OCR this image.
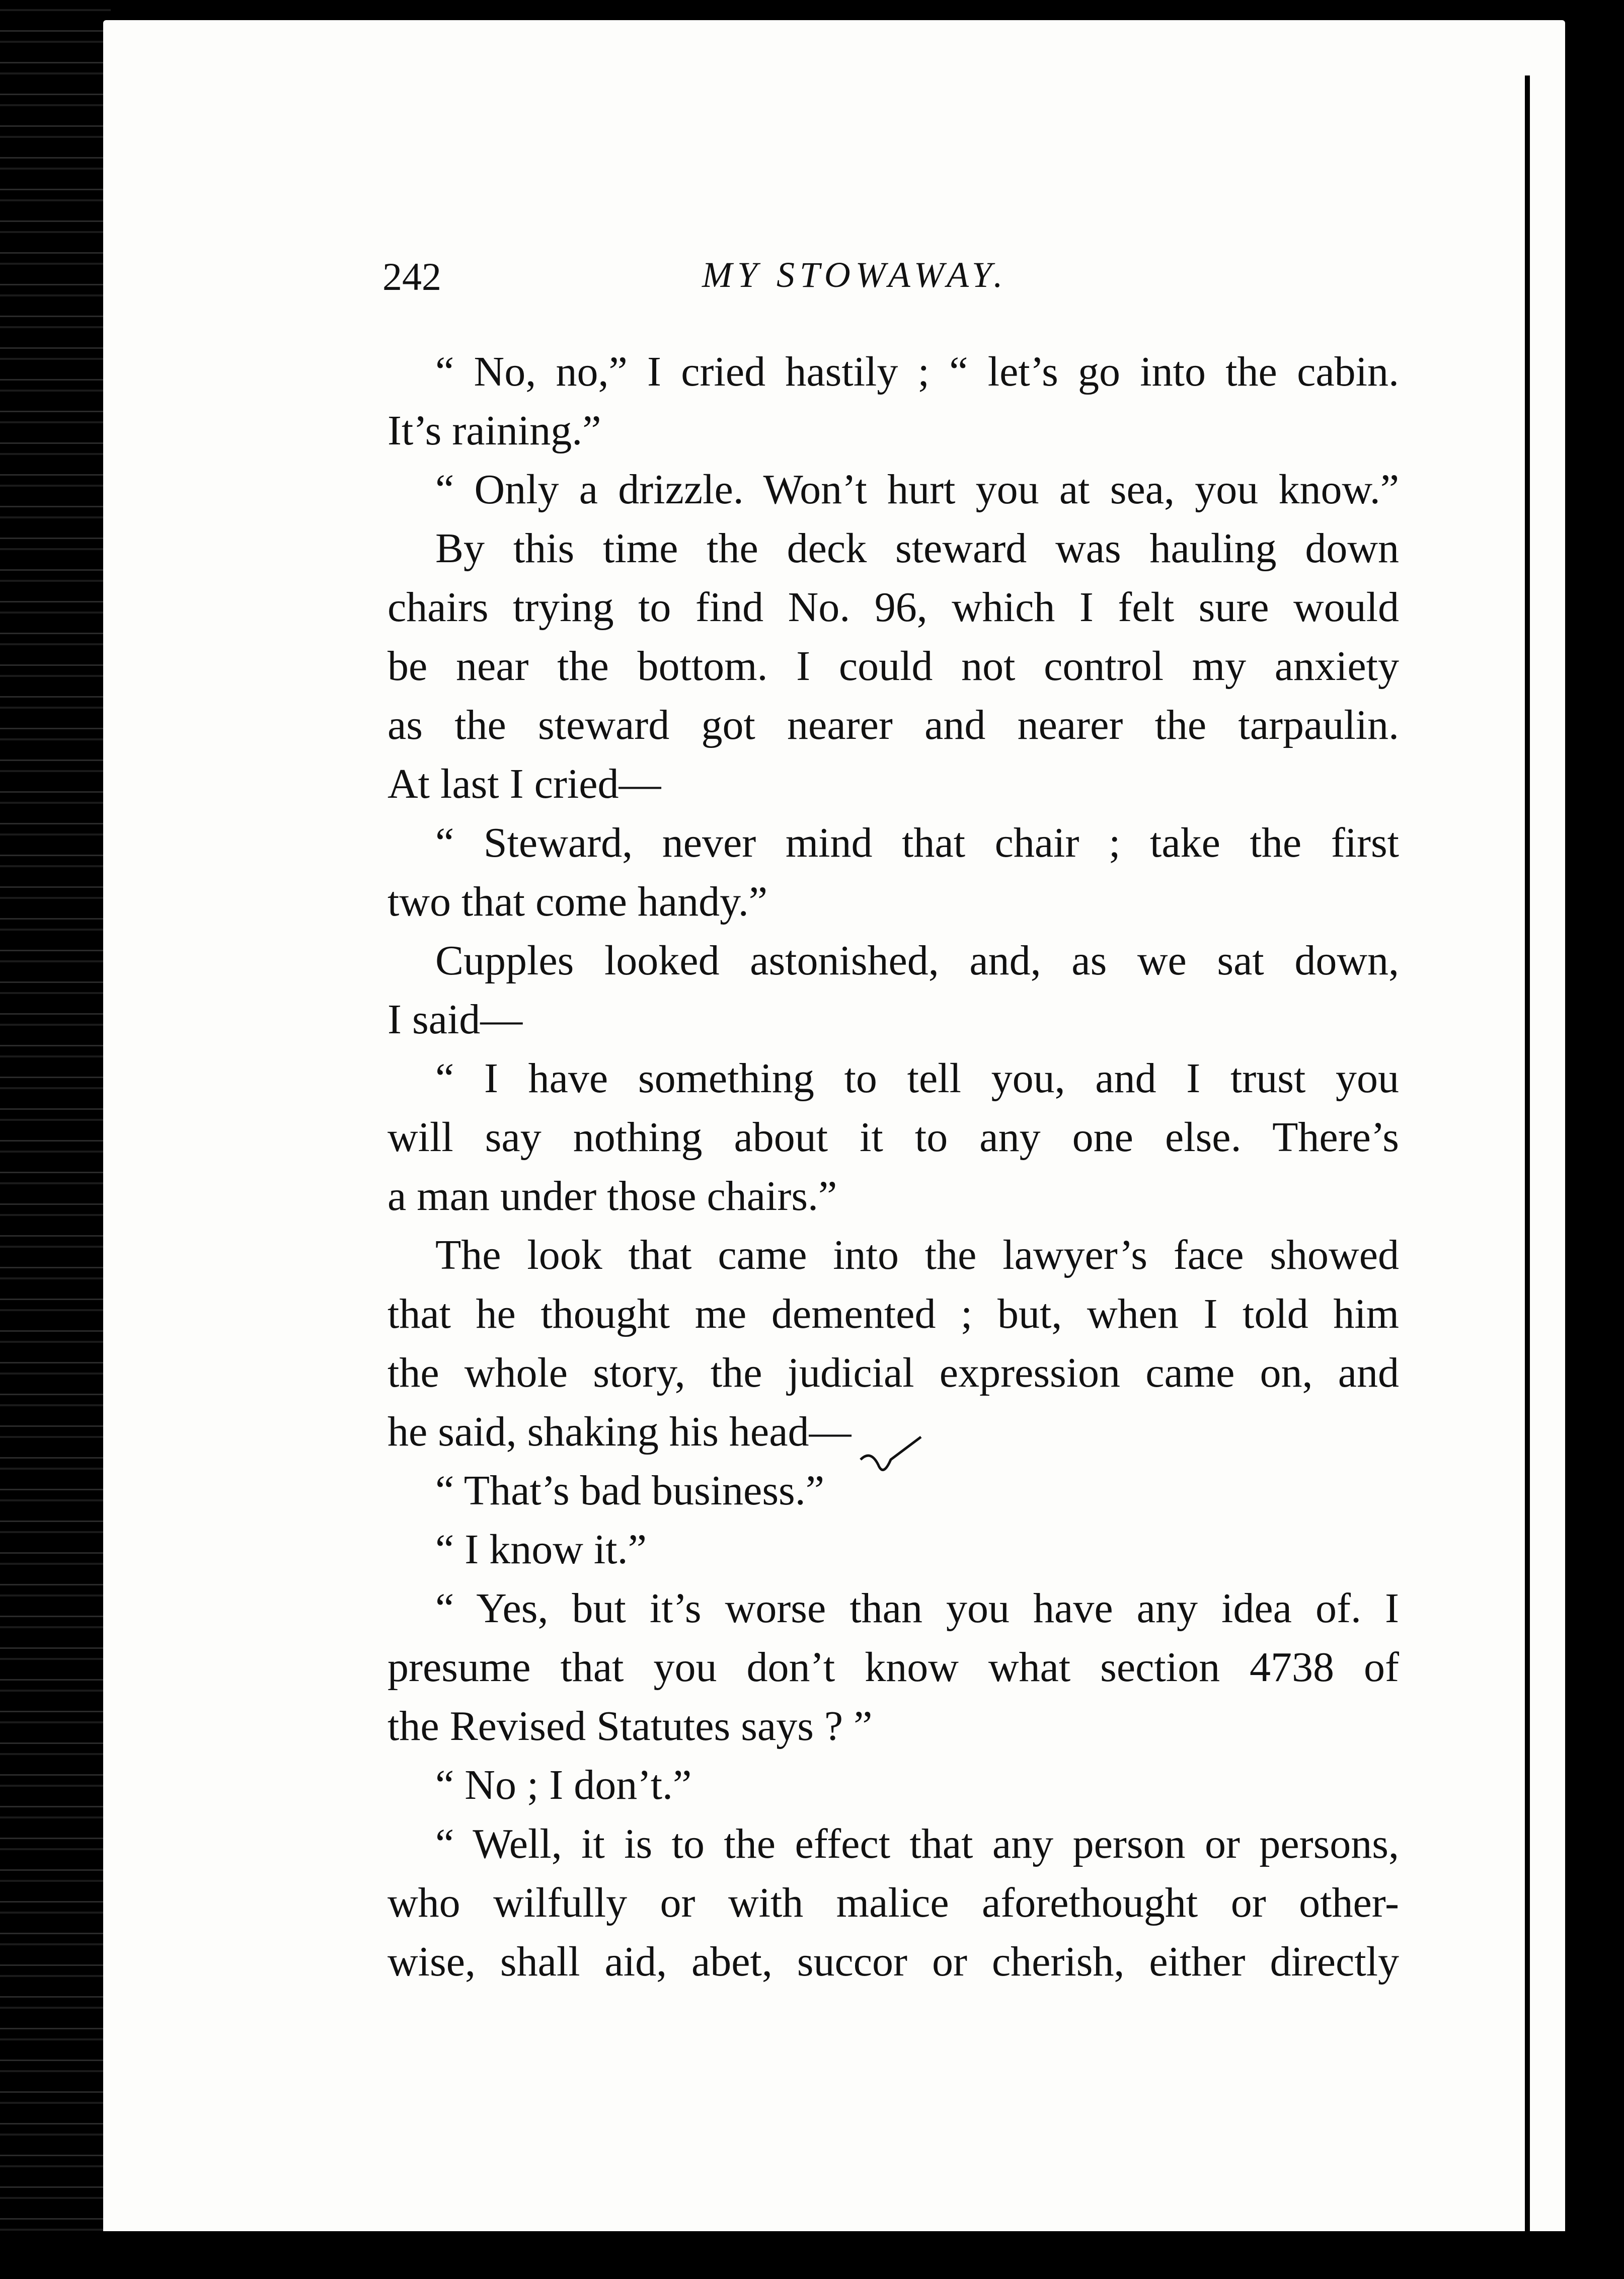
242	MY STOWAWAY.
“ No, no,” I cried hastily ; “ let’s go into the cabin.
It’s raining.”
“ Only a drizzle. Won’t hurt you at sea, you know.”
By this time the deck steward was hauling down
chairs trying to find No. 96, which I felt sure would
be near the bottom. I could not control my anxiety
as the steward got nearer and nearer the tarpaulin.
At last I cried—
“ Steward, never mind that chair ; take the first
two that come handy.”
Cupples looked astonished, and, as we sat down,
I said—
“ I have something to tell you, and I trust you
will say nothing about it to any one else. There’s
a man under those chairs.”
The look that came into the lawyer’s face showed
that he thought me demented ; but, when I told him
the whole story, the judicial expression came on, and
he said, shaking his head—
“ That’s bad business.”
“ I know it.”
“ Yes, but it’s worse than you have any idea of. I
presume that you don’t know what section 4738 of
the Revised Statutes says ? ”
“ No ; I don’t.”
“ Well, it is to the effect that any person or persons,
who wilfully or with malice aforethought or other-
wise, shall aid, abet, succor or cherish, either directly
